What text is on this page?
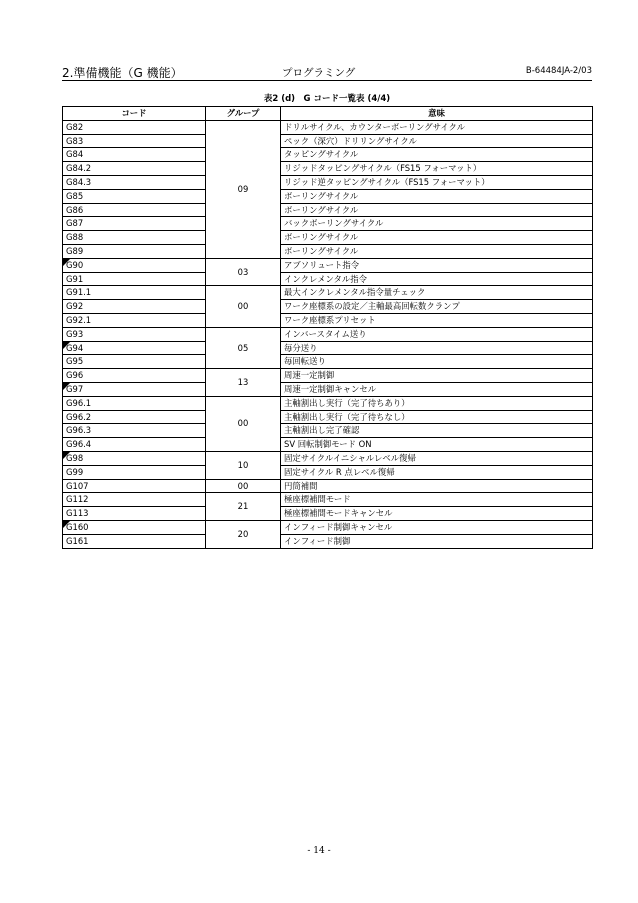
2.準備機能（G 機能）	プログラミング	B-64484JA-2/03
表2 (d)　G コード一覧表 (4/4)
コード	グループ	意味
G82	09	ドリルサイクル、カウンターボーリングサイクル
G83		ペック（深穴）ドリリングサイクル
G84		タッピングサイクル
G84.2		リジッドタッピングサイクル（FS15 フォーマット）
G84.3		リジッド逆タッピングサイクル（FS15 フォーマット）
G85		ボーリングサイクル
G86		ボーリングサイクル
G87		バックボーリングサイクル
G88		ボーリングサイクル
G89		ボーリングサイクル
G90	03	アブソリュート指令
G91		インクレメンタル指令
G91.1	00	最大インクレメンタル指令量チェック
G92		ワーク座標系の設定／主軸最高回転数クランプ
G92.1		ワーク座標系プリセット
G93	05	インバースタイム送り
G94		毎分送り
G95		毎回転送り
G96	13	周速一定制御
G97		周速一定制御キャンセル
G96.1	00	主軸割出し実行（完了待ちあり）
G96.2		主軸割出し実行（完了待ちなし）
G96.3		主軸割出し完了確認
G96.4		SV 回転制御モード ON
G98	10	固定サイクルイニシャルレベル復帰
G99		固定サイクル R 点レベル復帰
G107	00	円筒補間
G112	21	極座標補間モード
G113		極座標補間モードキャンセル
G160	20	インフィード制御キャンセル
G161		インフィード制御
- 14 -
